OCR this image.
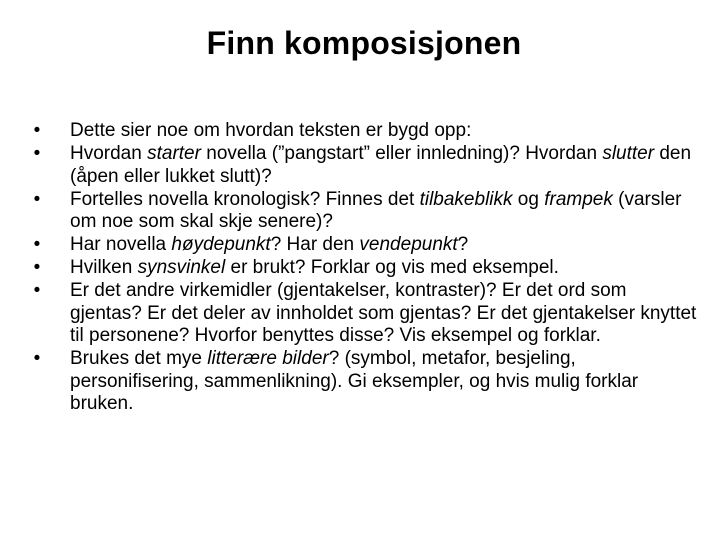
Finn komposisjonen
• Dette sier noe om hvordan teksten er bygd opp:
• Hvordan starter novella (”pangstart” eller innledning)? Hvordan slutter den (åpen eller lukket slutt)?
• Fortelles novella kronologisk? Finnes det tilbakeblikk og frampek (varsler om noe som skal skje senere)?
• Har novella høydepunkt? Har den vendepunkt?
• Hvilken synsvinkel er brukt? Forklar og vis med eksempel.
• Er det andre virkemidler (gjentakelser, kontraster)? Er det ord som gjentas? Er det deler av innholdet som gjentas? Er det gjentakelser knyttet til personene? Hvorfor benyttes disse? Vis eksempel og forklar.
• Brukes det mye litterære bilder? (symbol, metafor, besjeling, personifisering, sammenlikning). Gi eksempler, og hvis mulig forklar bruken.
